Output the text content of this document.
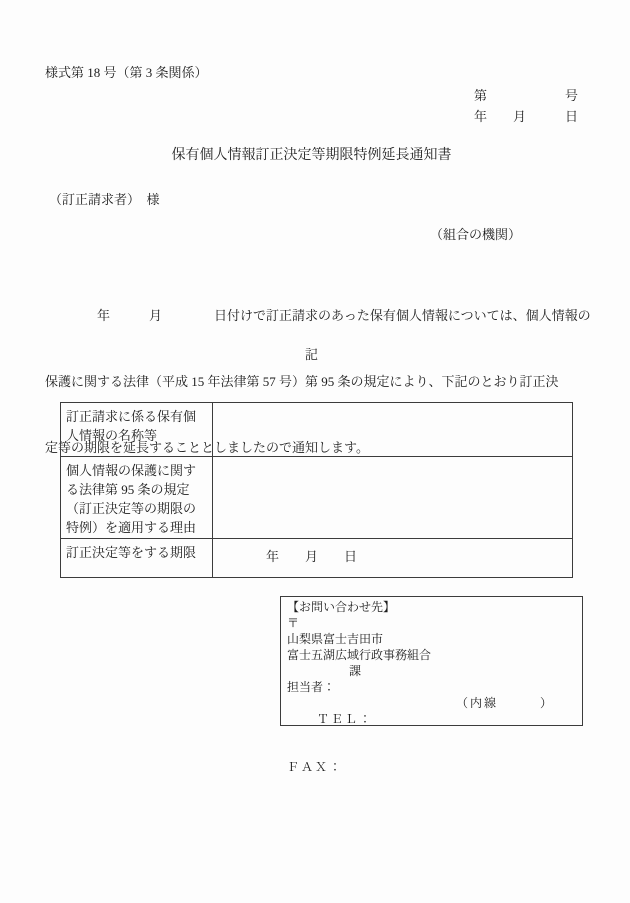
様式第 18 号（第 3 条関係）
第　　　　　　号
年　　月　　　日
保有個人情報訂正決定等期限特例延長通知書
（訂正請求者）　様
（組合の機関）

　　　　年　　　月　　　　日付けで訂正請求のあった保有個人情報については、個人情報の

保護に関する法律（平成 15 年法律第 57 号）第 95 条の規定により、下記のとおり訂正決

定等の期限を延長することとしましたので通知します。

記
訂正請求に係る保有個
人情報の名称等	

個人情報の保護に関す
る法律第 95 条の規定
（訂正決定等の期限の
特例）を適用する理由	

訂正決定等をする期限	年　　月　　日
【お問い合わせ先】
〒
山梨県富士吉田市
富士五湖広域行政事務組合
課
担当者：

ＴＥＬ：

（内線　　　）

ＦＡＸ：
